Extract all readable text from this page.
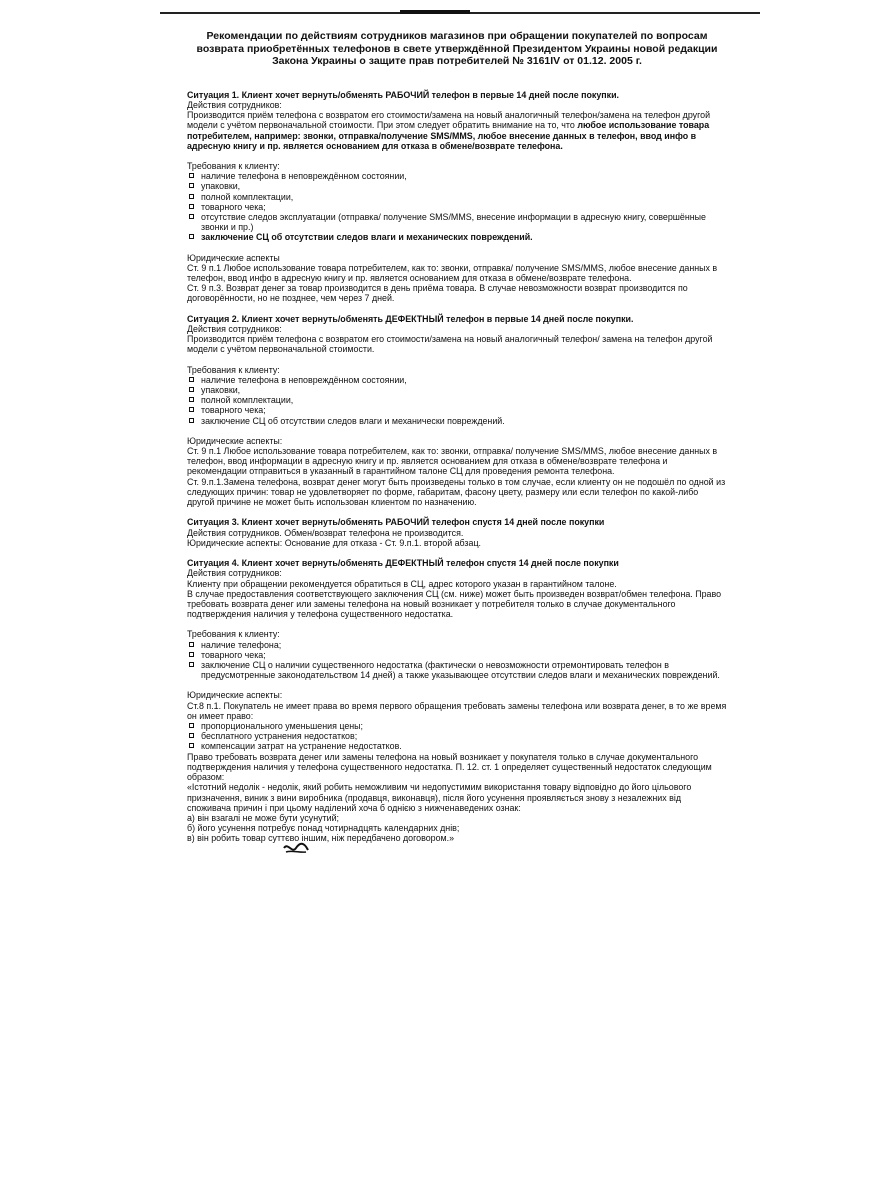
Рекомендации по действиям сотрудников магазинов при обращении покупателей по вопросам возврата приобретённых телефонов в свете утверждённой Президентом Украины новой редакции Закона Украины о защите прав потребителей № 3161IV от 01.12. 2005 г.
Ситуация 1. Клиент хочет вернуть/обменять РАБОЧИЙ телефон в первые 14 дней после покупки.
Действия сотрудников:

Производится приём телефона с возвратом его стоимости/замена на новый аналогичный телефон/замена на телефон другой модели с учётом первоначальной стоимости. При этом следует обратить внимание на то, что любое использование товара потребителем, например: звонки, отправка/получение SMS/MMS, любое внесение данных в телефон, ввод инфо в адресную книгу и пр. является основанием для отказа в обмене/возврате телефона.

Требования к клиенту:
наличие телефона в неповреждённом состоянии,
упаковки,
полной комплектации,
товарного чека;
отсутствие следов эксплуатации (отправка/ получение SMS/MMS, внесение информации в адресную книгу, совершённые звонки и пр.)
заключение СЦ об отсутствии следов влаги и механических повреждений.
Юридические аспекты

Ст. 9 п.1 Любое использование товара потребителем, как то: звонки, отправка/ получение SMS/MMS, любое внесение данных в телефон, ввод инфо в адресную книгу и пр. является основанием для отказа в обмене/возврате телефона.

Ст. 9 п.3. Возврат денег за товар производится в день приёма товара. В случае невозможности возврат производится по договорённости, но не позднее, чем через 7 дней.

Ситуация 2. Клиент хочет вернуть/обменять ДЕФЕКТНЫЙ телефон в первые 14 дней после покупки.
Действия сотрудников:

Производится приём телефона с возвратом его стоимости/замена на новый аналогичный телефон/ замена на телефон другой модели с учётом первоначальной стоимости.

Требования к клиенту:
наличие телефона в неповреждённом состоянии,
упаковки,
полной комплектации,
товарного чека;
заключение СЦ об отсутствии следов влаги и механически повреждений.
Юридические аспекты:

Ст. 9 п.1 Любое использование товара потребителем, как то: звонки, отправка/ получение SMS/MMS, любое внесение данных в телефон, ввод информации в адресную книгу и пр. является основанием для отказа в обмене/возврате телефона и рекомендации отправиться в указанный в гарантийном талоне СЦ для проведения ремонта телефона.

Ст. 9.п.1.Замена телефона, возврат денег могут быть произведены только в том случае, если клиенту он не подошёл по одной из следующих причин: товар не удовлетворяет по форме, габаритам, фасону цвету, размеру или если телефон по какой-либо другой причине не может быть использован клиентом по назначению.

Ситуация 3. Клиент хочет вернуть/обменять РАБОЧИЙ телефон спустя 14 дней после покупки

Действия сотрудников. Обмен/возврат телефона не производится.

Юридические аспекты: Основание для отказа - Ст. 9.п.1. второй абзац.

Ситуация 4. Клиент хочет вернуть/обменять ДЕФЕКТНЫЙ телефон спустя 14 дней после покупки
Действия сотрудников:

Клиенту при обращении рекомендуется обратиться в СЦ, адрес которого указан в гарантийном талоне.

В случае предоставления соответствующего заключения СЦ (см. ниже) может быть произведен возврат/обмен телефона. Право требовать возврата денег или замены телефона на новый возникает у потребителя только в случае документального подтверждения наличия у телефона существенного недостатка.

Требования к клиенту:
наличие телефона;
товарного чека;
заключение СЦ о наличии существенного недостатка (фактически о невозможности отремонтировать телефон в предусмотренные законодательством 14 дней) а также указывающее отсутствии следов влаги и механических повреждений.
Юридические аспекты:

Ст.8 п.1. Покупатель не имеет права во время первого обращения требовать замены телефона или возврата денег, в то же время он имеет право:

пропорционального уменьшения цены;
бесплатного устранения недостатков;
компенсации затрат на устранение недостатков.

Право требовать возврата денег или замены телефона на новый возникает у покупателя только в случае документального подтверждения наличия у телефона существенного недостатка. П. 12. ст. 1 определяет существенный недостаток следующим образом:

«Істотний недолік - недолік, який робить неможливим чи недопустимим використання товару відповідно до його цільового призначення, виник з вини виробника (продавця, виконавця), після його усунення проявляється знову з незалежних від споживача причин і при цьому наділений хоча б однією з нижченаведених ознак:

а) він взагалі не може бути усунутий;

б) його усунення потребує понад чотирнадцять календарних днів;

в) він робить товар суттєво іншим, ніж передбачено договором.»
